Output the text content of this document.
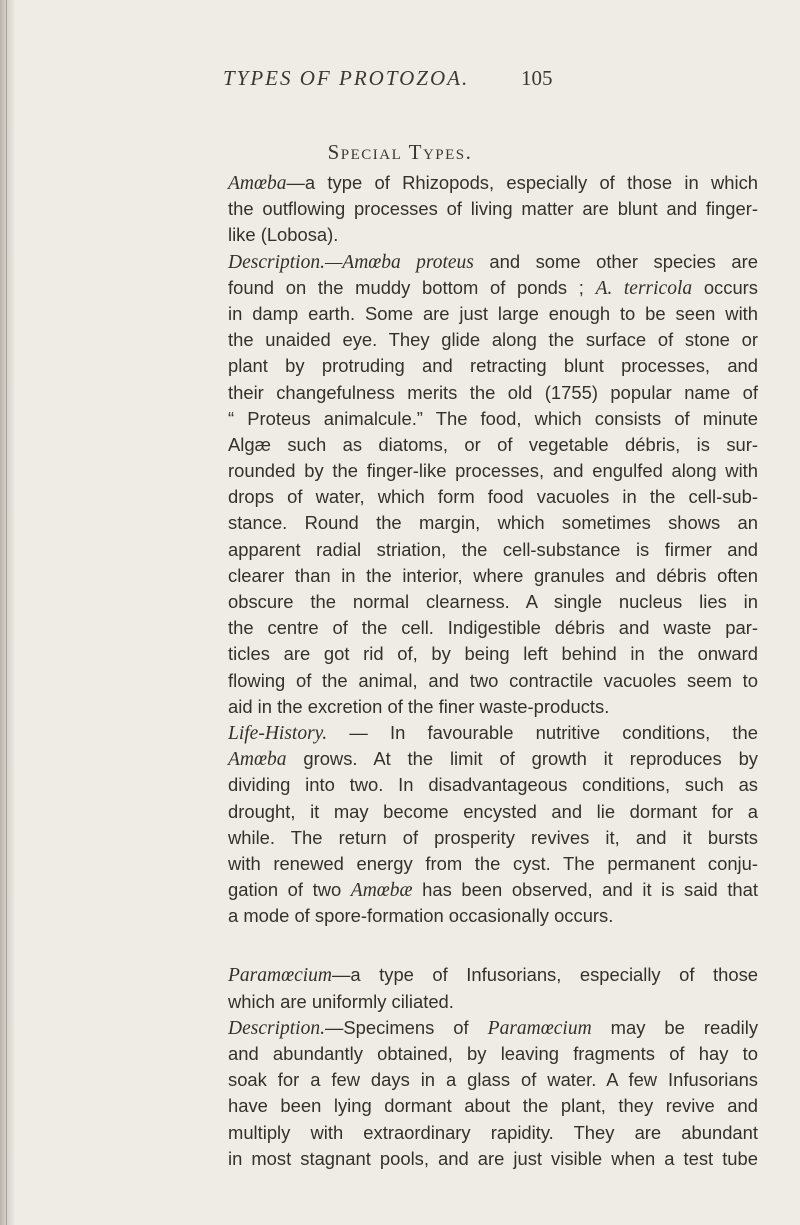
TYPES OF PROTOZOA. 105
Special Types.
Amœba—a type of Rhizopods, especially of those in which
the outflowing processes of living matter are blunt and finger-
like (Lobosa).
Description.—Amœba proteus and some other species are
found on the muddy bottom of ponds ; A. terricola occurs
in damp earth. Some are just large enough to be seen with
the unaided eye. They glide along the surface of stone or
plant by protruding and retracting blunt processes, and
their changefulness merits the old (1755) popular name of
“ Proteus animalcule.” The food, which consists of minute
Algæ such as diatoms, or of vegetable débris, is sur-
rounded by the finger-like processes, and engulfed along with
drops of water, which form food vacuoles in the cell-sub-
stance. Round the margin, which sometimes shows an
apparent radial striation, the cell-substance is firmer and
clearer than in the interior, where granules and débris often
obscure the normal clearness. A single nucleus lies in
the centre of the cell. Indigestible débris and waste par-
ticles are got rid of, by being left behind in the onward
flowing of the animal, and two contractile vacuoles seem to
aid in the excretion of the finer waste-products.
Life-History. — In favourable nutritive conditions, the
Amœba grows. At the limit of growth it reproduces by
dividing into two. In disadvantageous conditions, such as
drought, it may become encysted and lie dormant for a
while. The return of prosperity revives it, and it bursts
with renewed energy from the cyst. The permanent conju-
gation of two Amœbæ has been observed, and it is said that
a mode of spore-formation occasionally occurs.
Paramœcium—a type of Infusorians, especially of those
which are uniformly ciliated.
Description.—Specimens of Paramœcium may be readily
and abundantly obtained, by leaving fragments of hay to
soak for a few days in a glass of water. A few Infusorians
have been lying dormant about the plant, they revive and
multiply with extraordinary rapidity. They are abundant
in most stagnant pools, and are just visible when a test tube
